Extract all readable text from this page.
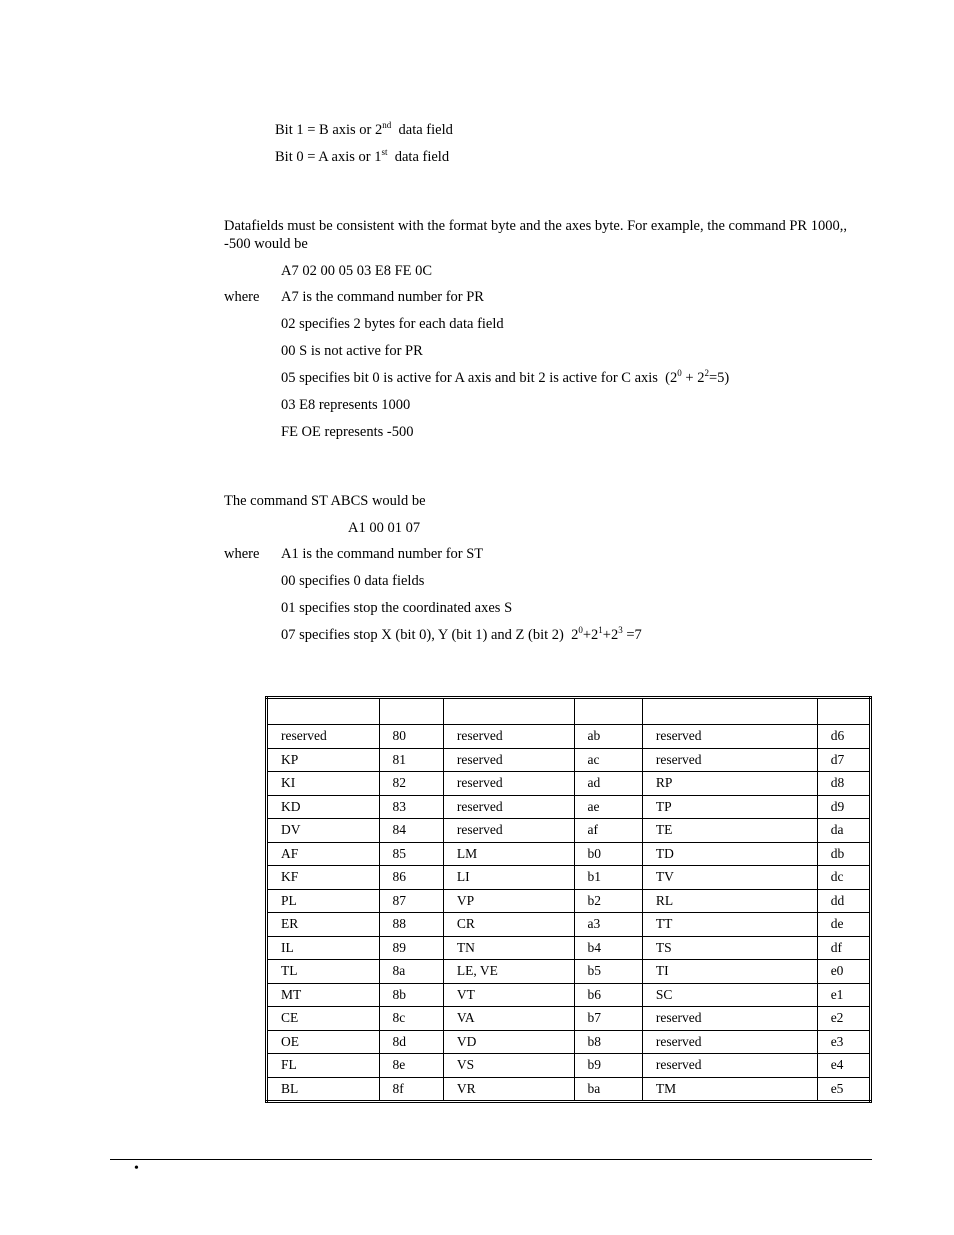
Bit 1 = B axis or 2nd  data field
Bit 0 = A axis or 1st  data field
Datafields must be consistent with the format byte and the axes byte. For example, the command PR 1000,, -500 would be
A7 02 00 05 03 E8 FE 0C
where A7 is the command number for PR
02 specifies 2 bytes for each data field
00 S is not active for PR
05 specifies bit 0 is active for A axis and bit 2 is active for C axis  $(2^0 + 2^2=5)$
03 E8 represents 1000
FE OE represents -500
The command ST ABCS would be
A1 00 01 07
where A1 is the command number for ST
00 specifies 0 data fields
01 specifies stop the coordinated axes S
07 specifies stop X (bit 0), Y (bit 1) and Z (bit 2)  $2^0+2^1+2^3 =7$

reserved	80	reserved	ab	reserved	d6
KP	81	reserved	ac	reserved	d7
KI	82	reserved	ad	RP	d8
KD	83	reserved	ae	TP	d9
DV	84	reserved	af	TE	da
AF	85	LM	b0	TD	db
KF	86	LI	b1	TV	dc
PL	87	VP	b2	RL	dd
ER	88	CR	a3	TT	de
IL	89	TN	b4	TS	df
TL	8a	LE, VE	b5	TI	e0
MT	8b	VT	b6	SC	e1
CE	8c	VA	b7	reserved	e2
OE	8d	VD	b8	reserved	e3
FL	8e	VS	b9	reserved	e4
BL	8f	VR	ba	TM	e5
•
